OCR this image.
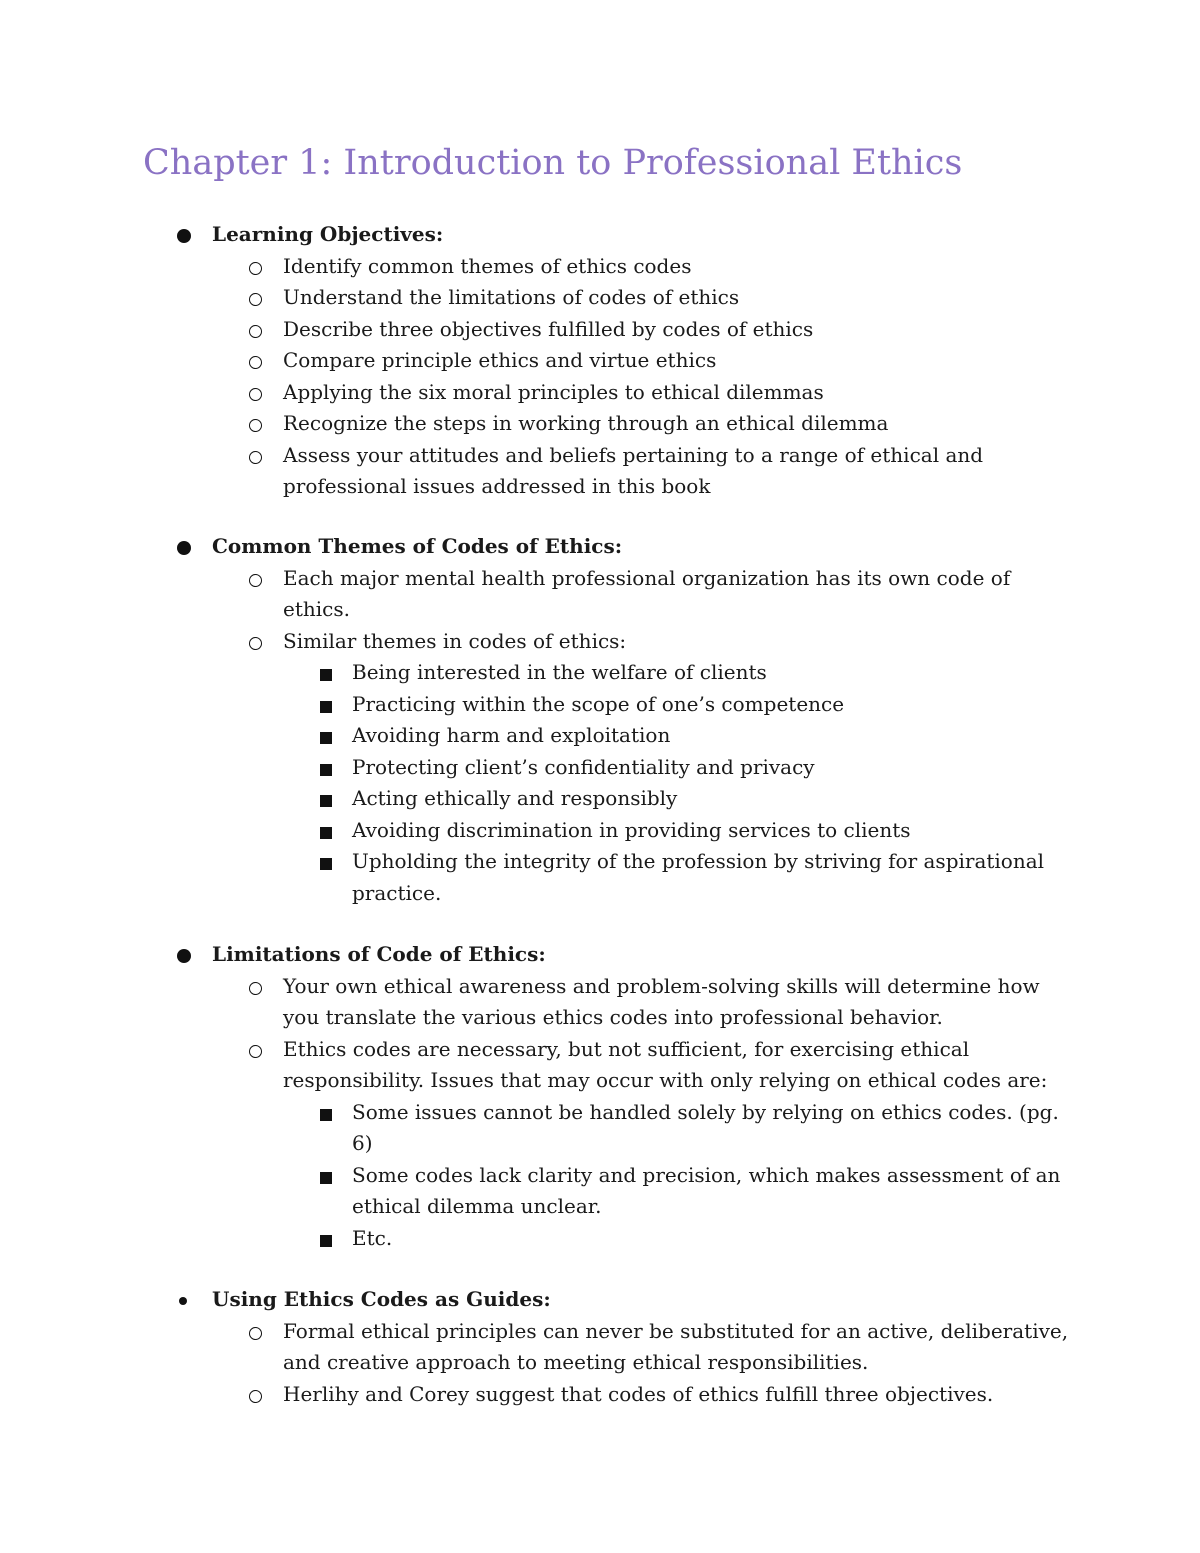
Chapter 1: Introduction to Professional Ethics
Learning Objectives:
Identify common themes of ethics codes
Understand the limitations of codes of ethics
Describe three objectives fulfilled by codes of ethics
Compare principle ethics and virtue ethics
Applying the six moral principles to ethical dilemmas
Recognize the steps in working through an ethical dilemma
Assess your attitudes and beliefs pertaining to a range of ethical and
professional issues addressed in this book
Common Themes of Codes of Ethics:
Each major mental health professional organization has its own code of
ethics.
Similar themes in codes of ethics:
Being interested in the welfare of clients
Practicing within the scope of one’s competence
Avoiding harm and exploitation
Protecting client’s confidentiality and privacy
Acting ethically and responsibly
Avoiding discrimination in providing services to clients
Upholding the integrity of the profession by striving for aspirational
practice.
Limitations of Code of Ethics:
Your own ethical awareness and problem-solving skills will determine how
you translate the various ethics codes into professional behavior.
Ethics codes are necessary, but not sufficient, for exercising ethical
responsibility. Issues that may occur with only relying on ethical codes are:
Some issues cannot be handled solely by relying on ethics codes. (pg.
6)
Some codes lack clarity and precision, which makes assessment of an
ethical dilemma unclear.
Etc.
Using Ethics Codes as Guides:
Formal ethical principles can never be substituted for an active, deliberative,
and creative approach to meeting ethical responsibilities.
Herlihy and Corey suggest that codes of ethics fulfill three objectives.
